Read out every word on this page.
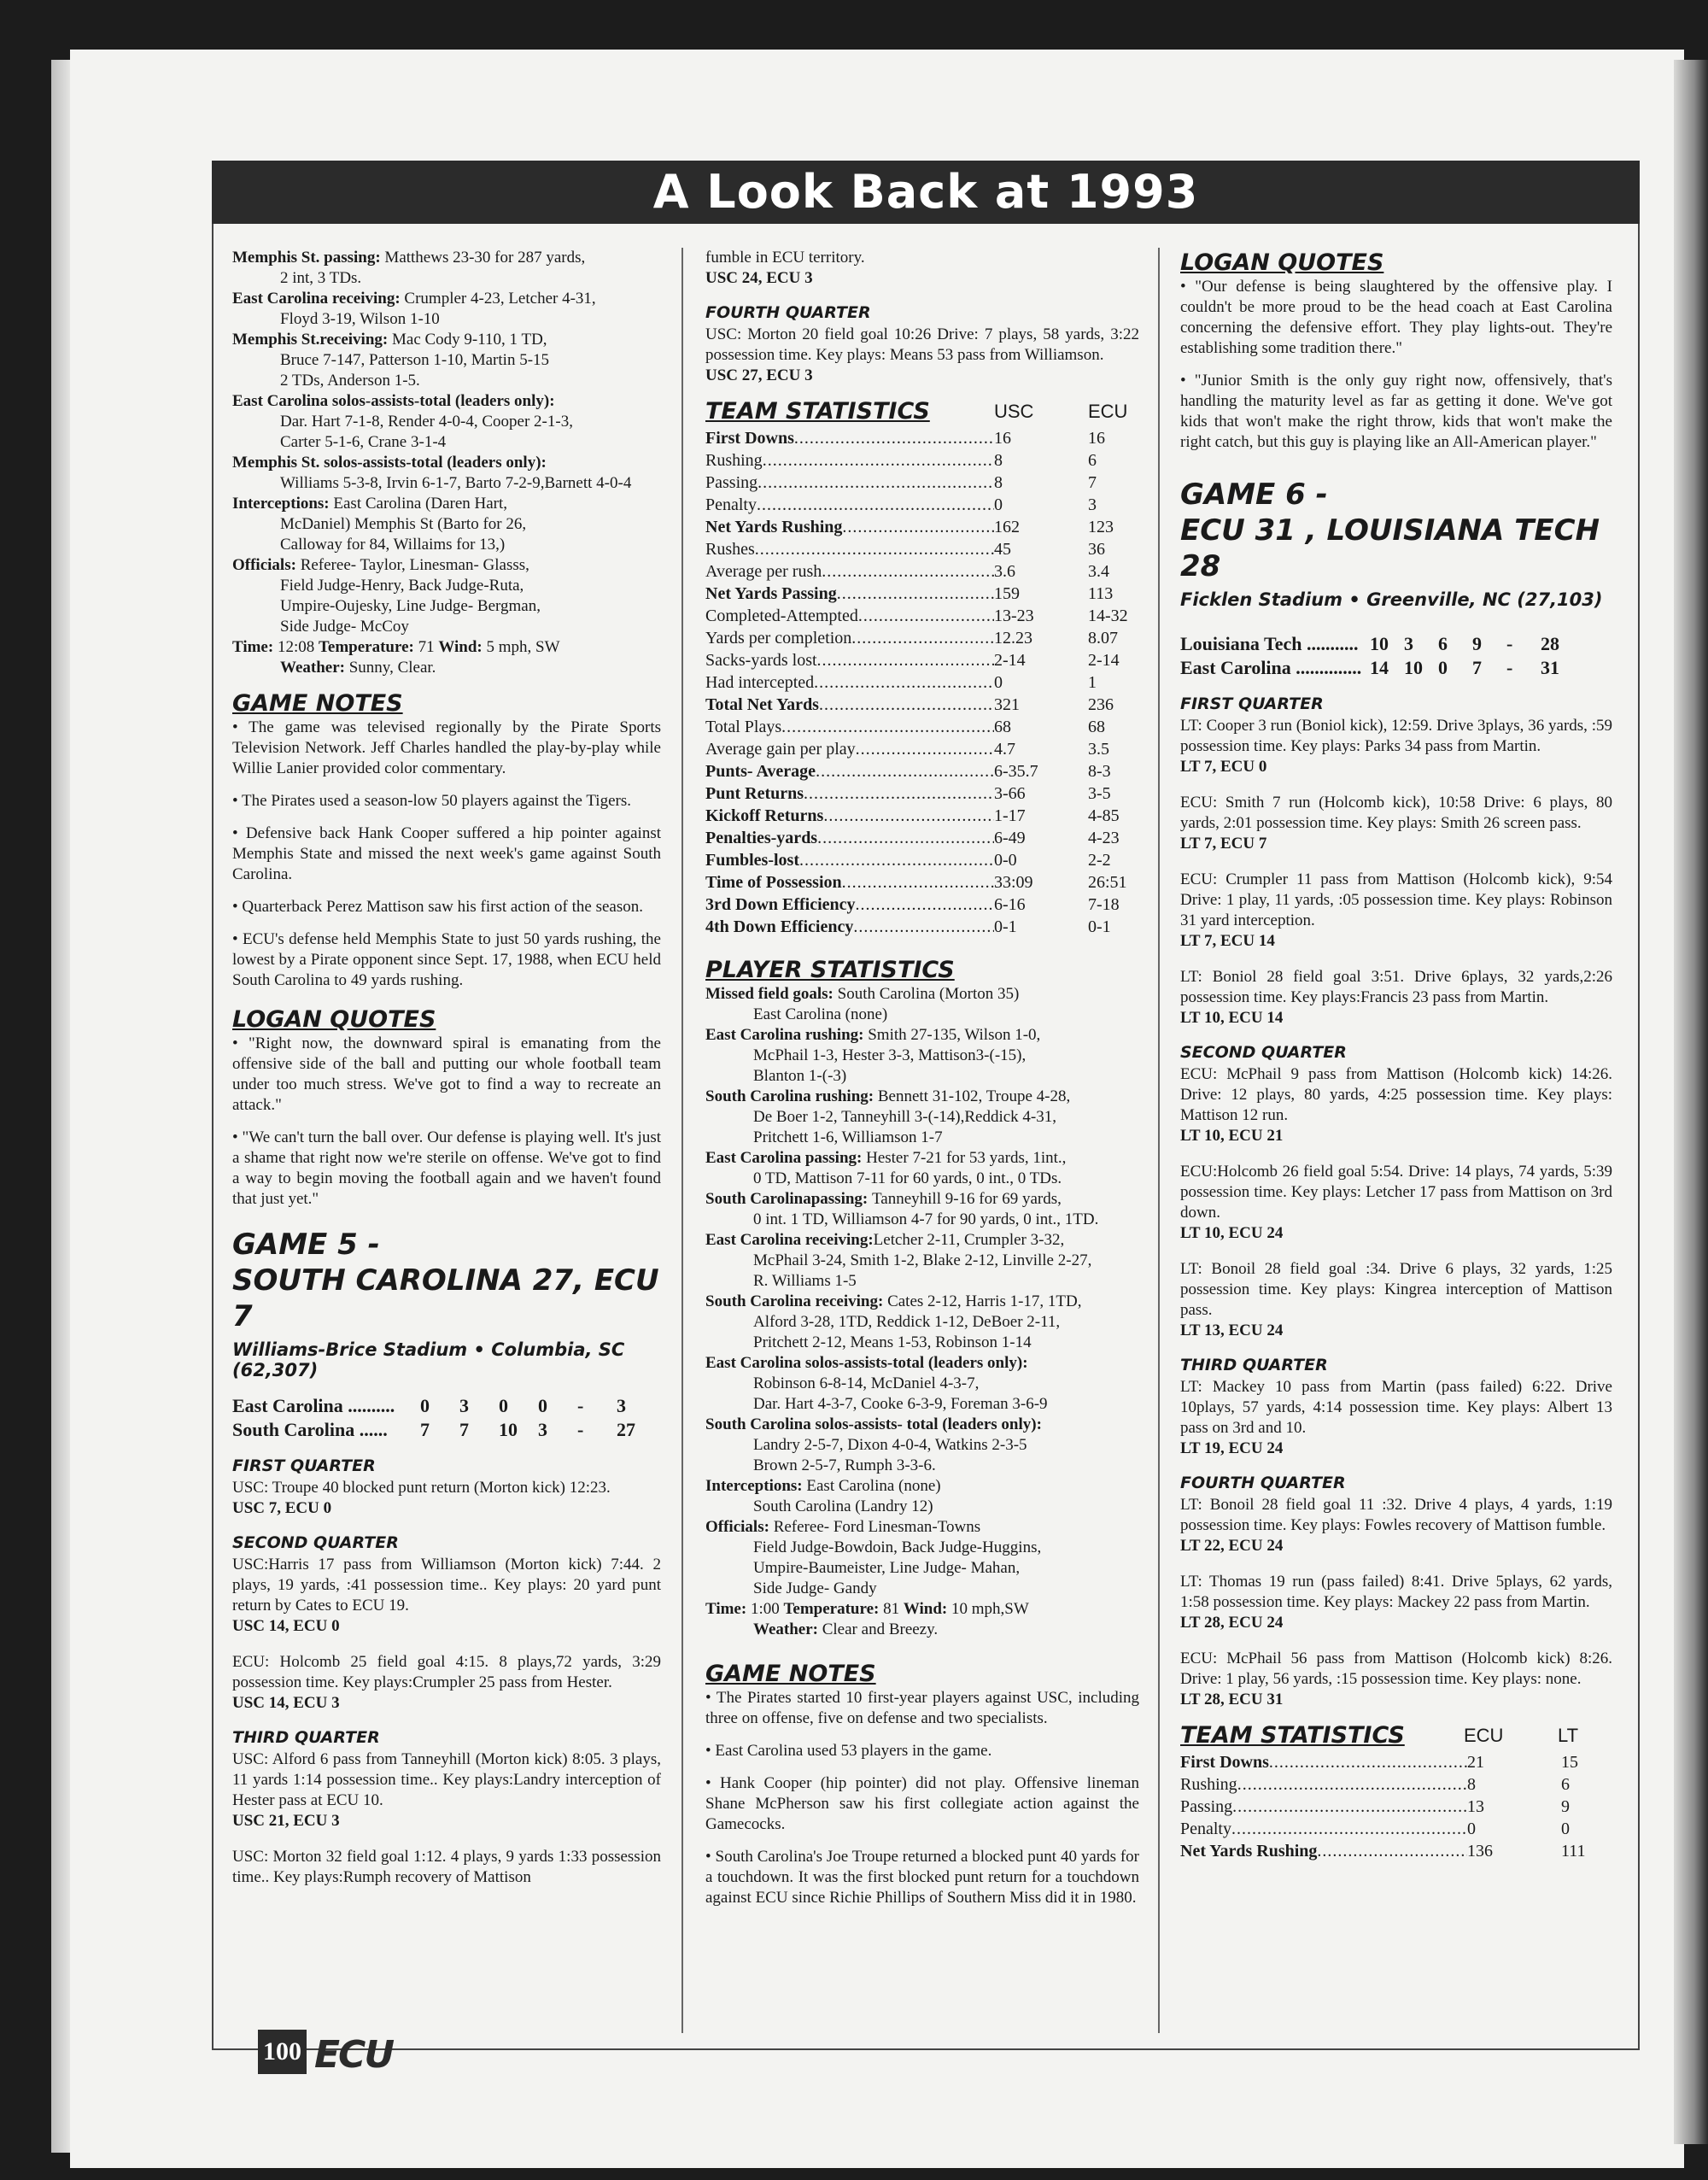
A Look Back at 1993
Memphis St. passing: Matthews 23-30 for 287 yards,
2 int, 3 TDs.
East Carolina receiving: Crumpler 4-23, Letcher 4-31,
Floyd 3-19, Wilson 1-10
Memphis St.receiving: Mac Cody 9-110, 1 TD,
Bruce 7-147, Patterson 1-10, Martin 5-15
2 TDs, Anderson 1-5.
East Carolina solos-assists-total (leaders only):
Dar. Hart 7-1-8, Render 4-0-4, Cooper 2-1-3,
Carter 5-1-6, Crane 3-1-4
Memphis St. solos-assists-total (leaders only):
Williams 5-3-8, Irvin 6-1-7, Barto 7-2-9,Barnett 4-0-4
Interceptions: East Carolina (Daren Hart,
McDaniel) Memphis St (Barto for 26,
Calloway for 84, Willaims for 13,)
Officials: Referee- Taylor, Linesman- Glasss,
Field Judge-Henry, Back Judge-Ruta,
Umpire-Oujesky, Line Judge- Bergman,
Side Judge- McCoy
Time: 12:08 Temperature: 71 Wind: 5 mph, SW
Weather: Sunny, Clear.
GAME NOTES
• The game was televised regionally by the Pirate Sports Television Network. Jeff Charles handled the play-by-play while Willie Lanier provided color commentary.
• The Pirates used a season-low 50 players against the Tigers.
• Defensive back Hank Cooper suffered a hip pointer against Memphis State and missed the next week's game against South Carolina.
• Quarterback Perez Mattison saw his first action of the season.
• ECU's defense held Memphis State to just 50 yards rushing, the lowest by a Pirate opponent since Sept. 17, 1988, when ECU held South Carolina to 49 yards rushing.
LOGAN QUOTES
• "Right now, the downward spiral is emanating from the offensive side of the ball and putting our whole football team under too much stress. We've got to find a way to recreate an attack."
• "We can't turn the ball over. Our defense is playing well. It's just a shame that right now we're sterile on offense. We've got to find a way to begin moving the football again and we haven't found that just yet."
GAME 5 -
SOUTH CAROLINA 27, ECU 7
Williams-Brice Stadium • Columbia, SC (62,307)
East Carolina .......... 0 3 0 0 - 3
South Carolina ...... 7 7 10 3 - 27
FIRST QUARTER
USC: Troupe 40 blocked punt return (Morton kick) 12:23.
USC 7, ECU 0
SECOND QUARTER
USC:Harris 17 pass from Williamson (Morton kick) 7:44. 2 plays, 19 yards, :41 possession time.. Key plays: 20 yard punt return by Cates to ECU 19.
USC 14, ECU 0
ECU: Holcomb 25 field goal 4:15. 8 plays,72 yards, 3:29 possession time. Key plays:Crumpler 25 pass from Hester.
USC 14, ECU 3
THIRD QUARTER
USC: Alford 6 pass from Tanneyhill (Morton kick) 8:05. 3 plays, 11 yards 1:14 possession time.. Key plays:Landry interception of Hester pass at ECU 10.
USC 21, ECU 3
USC: Morton 32 field goal 1:12. 4 plays, 9 yards 1:33 possession time.. Key plays:Rumph recovery of Mattison
fumble in ECU territory.
USC 24, ECU 3
FOURTH QUARTER
USC: Morton 20 field goal 10:26 Drive: 7 plays, 58 yards, 3:22 possession time. Key plays: Means 53 pass from Williamson.
USC 27, ECU 3
TEAM STATISTICS	USC	ECU
First Downs .....	16	16
Rushing .....	8	6
Passing .....	8	7
Penalty .....	0	3
Net Yards Rushing .....	162	123
Rushes .....	45	36
Average per rush .....	3.6	3.4
Net Yards Passing .....	159	113
Completed-Attempted .....	13-23	14-32
Yards per completion .....	12.23	8.07
Sacks-yards lost .....	2-14	2-14
Had intercepted .....	0	1
Total Net Yards .....	321	236
Total Plays .....	68	68
Average gain per play .....	4.7	3.5
Punts- Average .....	6-35.7	8-3
Punt Returns .....	3-66	3-5
Kickoff Returns .....	1-17	4-85
Penalties-yards .....	6-49	4-23
Fumbles-lost .....	0-0	2-2
Time of Possession .....	33:09	26:51
3rd Down Efficiency .....	6-16	7-18
4th Down Efficiency .....	0-1	0-1
PLAYER STATISTICS
Missed field goals: South Carolina (Morton 35)
East Carolina (none)
East Carolina rushing: Smith 27-135, Wilson 1-0,
McPhail 1-3, Hester 3-3, Mattison3-(-15),
Blanton 1-(-3)
South Carolina rushing: Bennett 31-102, Troupe 4-28,
De Boer 1-2, Tanneyhill 3-(-14),Reddick 4-31,
Pritchett 1-6, Williamson 1-7
East Carolina passing: Hester 7-21 for 53 yards, 1int.,
0 TD, Mattison 7-11 for 60 yards, 0 int., 0 TDs.
South Carolinapassing: Tanneyhill 9-16 for 69 yards,
0 int. 1 TD, Williamson 4-7 for 90 yards, 0 int., 1TD.
East Carolina receiving:Letcher 2-11, Crumpler 3-32,
McPhail 3-24, Smith 1-2, Blake 2-12, Linville 2-27,
R. Williams 1-5
South Carolina receiving: Cates 2-12, Harris 1-17, 1TD,
Alford 3-28, 1TD, Reddick 1-12, DeBoer 2-11,
Pritchett 2-12, Means 1-53, Robinson 1-14
East Carolina solos-assists-total (leaders only):
Robinson 6-8-14, McDaniel 4-3-7,
Dar. Hart 4-3-7, Cooke 6-3-9, Foreman 3-6-9
South Carolina solos-assists- total (leaders only):
Landry 2-5-7, Dixon 4-0-4, Watkins 2-3-5
Brown 2-5-7, Rumph 3-3-6.
Interceptions: East Carolina (none)
South Carolina (Landry 12)
Officials: Referee- Ford Linesman-Towns
Field Judge-Bowdoin, Back Judge-Huggins,
Umpire-Baumeister, Line Judge- Mahan,
Side Judge- Gandy
Time: 1:00 Temperature: 81 Wind: 10 mph,SW
Weather: Clear and Breezy.
GAME NOTES
• The Pirates started 10 first-year players against USC, including three on offense, five on defense and two specialists.
• East Carolina used 53 players in the game.
• Hank Cooper (hip pointer) did not play. Offensive lineman Shane McPherson saw his first collegiate action against the Gamecocks.
• South Carolina's Joe Troupe returned a blocked punt 40 yards for a touchdown. It was the first blocked punt return for a touchdown against ECU since Richie Phillips of Southern Miss did it in 1980.
LOGAN QUOTES
• "Our defense is being slaughtered by the offensive play. I couldn't be more proud to be the head coach at East Carolina concerning the defensive effort. They play lights-out. They're establishing some tradition there."
• "Junior Smith is the only guy right now, offensively, that's handling the maturity level as far as getting it done. We've got kids that won't make the right throw, kids that won't make the right catch, but this guy is playing like an All-American player."
GAME 6 -
ECU 31 , LOUISIANA TECH 28
Ficklen Stadium • Greenville, NC (27,103)
Louisiana Tech ........... 10 3 6 9 - 28
East Carolina .............. 14 10 0 7 - 31
FIRST QUARTER
LT: Cooper 3 run (Boniol kick), 12:59. Drive 3plays, 36 yards, :59 possession time. Key plays: Parks 34 pass from Martin.
LT 7, ECU 0
ECU: Smith 7 run (Holcomb kick), 10:58 Drive: 6 plays, 80 yards, 2:01 possession time. Key plays: Smith 26 screen pass.
LT 7, ECU 7
ECU: Crumpler 11 pass from Mattison (Holcomb kick), 9:54 Drive: 1 play, 11 yards, :05 possession time. Key plays: Robinson 31 yard interception.
LT 7, ECU 14
LT: Boniol 28 field goal 3:51. Drive 6plays, 32 yards,2:26 possession time. Key plays:Francis 23 pass from Martin.
LT 10, ECU 14
SECOND QUARTER
ECU: McPhail 9 pass from Mattison (Holcomb kick) 14:26. Drive: 12 plays, 80 yards, 4:25 possession time. Key plays: Mattison 12 run.
LT 10, ECU 21
ECU:Holcomb 26 field goal 5:54. Drive: 14 plays, 74 yards, 5:39 possession time. Key plays: Letcher 17 pass from Mattison on 3rd down.
LT 10, ECU 24
LT: Bonoil 28 field goal :34. Drive 6 plays, 32 yards, 1:25 possession time. Key plays: Kingrea interception of Mattison pass.
LT 13, ECU 24
THIRD QUARTER
LT: Mackey 10 pass from Martin (pass failed) 6:22. Drive 10plays, 57 yards, 4:14 possession time. Key plays: Albert 13 pass on 3rd and 10.
LT 19, ECU 24
FOURTH QUARTER
LT: Bonoil 28 field goal 11 :32. Drive 4 plays, 4 yards, 1:19 possession time. Key plays: Fowles recovery of Mattison fumble.
LT 22, ECU 24
LT: Thomas 19 run (pass failed) 8:41. Drive 5plays, 62 yards, 1:58 possession time. Key plays: Mackey 22 pass from Martin.
LT 28, ECU 24
ECU: McPhail 56 pass from Mattison (Holcomb kick) 8:26. Drive: 1 play, 56 yards, :15 possession time. Key plays: none.
LT 28, ECU 31
TEAM STATISTICS	ECU	LT
First Downs .....	21	15
Rushing .....	8	6
Passing .....	13	9
Penalty .....	0	0
Net Yards Rushing .....	136	111
100 ECU
